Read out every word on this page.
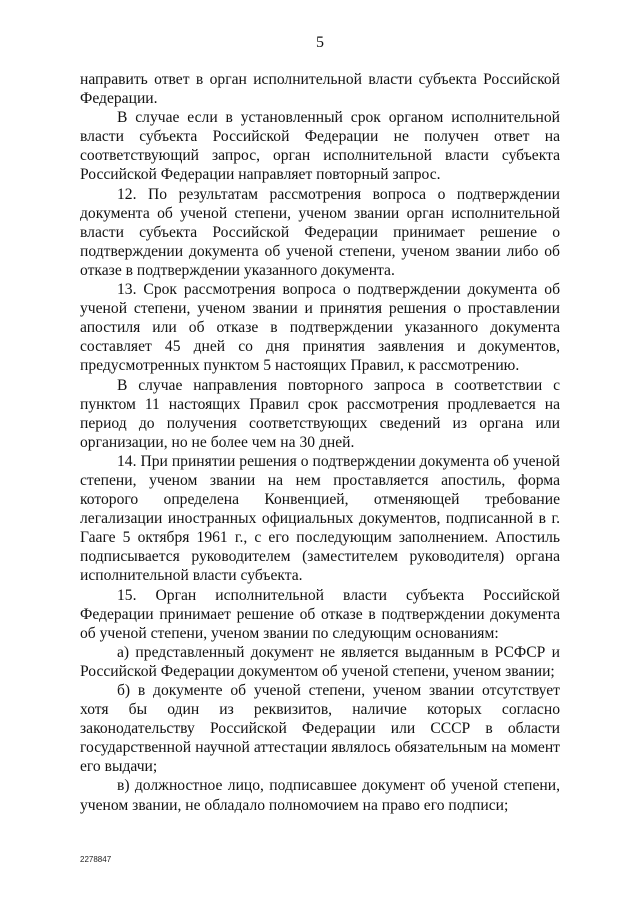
5

направить ответ в орган исполнительной власти субъекта Российской Федерации.

В случае если в установленный срок органом исполнительной власти субъекта Российской Федерации не получен ответ на соответствующий запрос, орган исполнительной власти субъекта Российской Федерации направляет повторный запрос.

12. По результатам рассмотрения вопроса о подтверждении документа об ученой степени, ученом звании орган исполнительной власти субъекта Российской Федерации принимает решение о подтверждении документа об ученой степени, ученом звании либо об отказе в подтверждении указанного документа.

13. Срок рассмотрения вопроса о подтверждении документа об ученой степени, ученом звании и принятия решения о проставлении апостиля или об отказе в подтверждении указанного документа составляет 45 дней со дня принятия заявления и документов, предусмотренных пунктом 5 настоящих Правил, к рассмотрению.

В случае направления повторного запроса в соответствии с пунктом 11 настоящих Правил срок рассмотрения продлевается на период до получения соответствующих сведений из органа или организации, но не более чем на 30 дней.

14. При принятии решения о подтверждении документа об ученой степени, ученом звании на нем проставляется апостиль, форма которого определена Конвенцией, отменяющей требование легализации иностранных официальных документов, подписанной в г. Гааге 5 октября 1961 г., с его последующим заполнением. Апостиль подписывается руководителем (заместителем руководителя) органа исполнительной власти субъекта.

15. Орган исполнительной власти субъекта Российской Федерации принимает решение об отказе в подтверждении документа об ученой степени, ученом звании по следующим основаниям:

а) представленный документ не является выданным в РСФСР и Российской Федерации документом об ученой степени, ученом звании;

б) в документе об ученой степени, ученом звании отсутствует хотя бы один из реквизитов, наличие которых согласно законодательству Российской Федерации или СССР в области государственной научной аттестации являлось обязательным на момент его выдачи;

в) должностное лицо, подписавшее документ об ученой степени, ученом звании, не обладало полномочием на право его подписи;

2278847
